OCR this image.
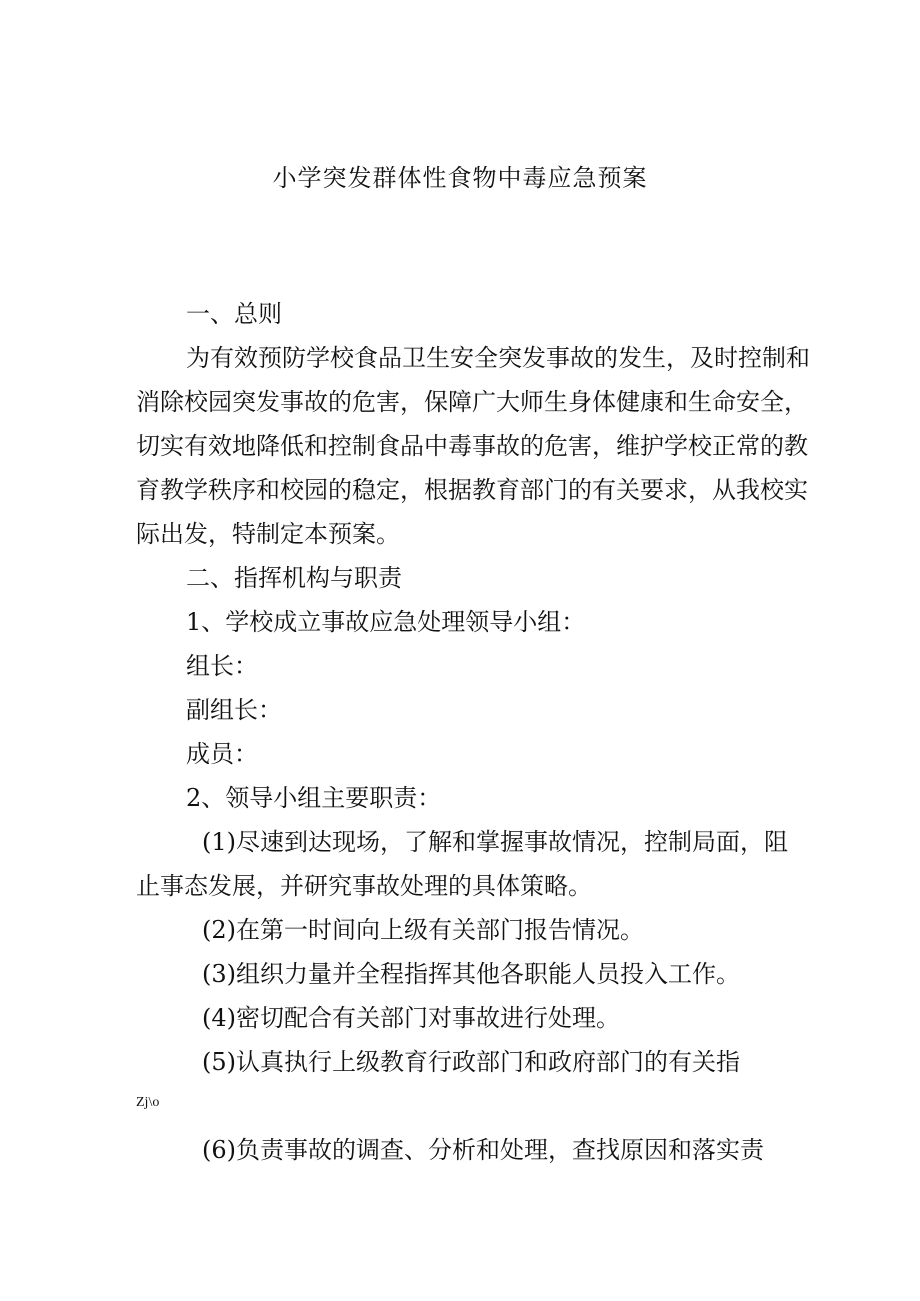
小学突发群体性食物中毒应急预案
一、总则
为有效预防学校食品卫生安全突发事故的发生，及时控制和
消除校园突发事故的危害，保障广大师生身体健康和生命安全，
切实有效地降低和控制食品中毒事故的危害，维护学校正常的教
育教学秩序和校园的稳定，根据教育部门的有关要求，从我校实
际出发，特制定本预案。
二、指挥机构与职责
1、学校成立事故应急处理领导小组：
组长：
副组长：
成员：
2、领导小组主要职责：
(1)尽速到达现场，了解和掌握事故情况，控制局面，阻
止事态发展，并研究事故处理的具体策略。
(2)在第一时间向上级有关部门报告情况。
(3)组织力量并全程指挥其他各职能人员投入工作。
(4)密切配合有关部门对事故进行处理。
(5)认真执行上级教育行政部门和政府部门的有关指
Zj\o
(6)负责事故的调查、分析和处理，查找原因和落实责
